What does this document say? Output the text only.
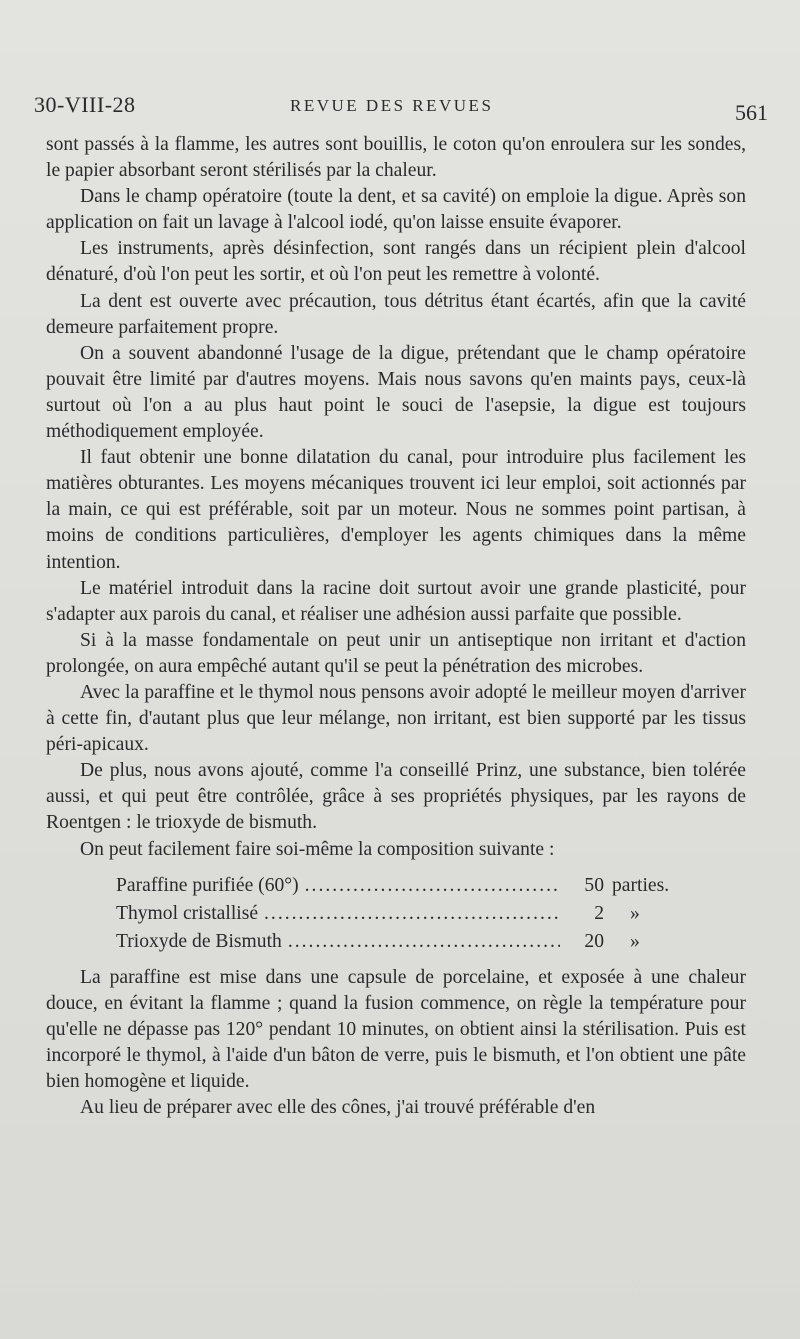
30-VIII-28	REVUE DES REVUES	561

sont passés à la flamme, les autres sont bouillis, le coton qu'on enroulera sur les sondes, le papier absorbant seront stérilisés par la chaleur.

Dans le champ opératoire (toute la dent, et sa cavité) on emploie la digue. Après son application on fait un lavage à l'alcool iodé, qu'on laisse ensuite évaporer.

Les instruments, après désinfection, sont rangés dans un récipient plein d'alcool dénaturé, d'où l'on peut les sortir, et où l'on peut les remettre à volonté.

La dent est ouverte avec précaution, tous détritus étant écartés, afin que la cavité demeure parfaitement propre.

On a souvent abandonné l'usage de la digue, prétendant que le champ opératoire pouvait être limité par d'autres moyens. Mais nous savons qu'en maints pays, ceux-là surtout où l'on a au plus haut point le souci de l'asepsie, la digue est toujours méthodiquement employée.

Il faut obtenir une bonne dilatation du canal, pour introduire plus facilement les matières obturantes. Les moyens mécaniques trouvent ici leur emploi, soit actionnés par la main, ce qui est préférable, soit par un moteur. Nous ne sommes point partisan, à moins de conditions particulières, d'employer les agents chimiques dans la même intention.

Le matériel introduit dans la racine doit surtout avoir une grande plasticité, pour s'adapter aux parois du canal, et réaliser une adhésion aussi parfaite que possible.

Si à la masse fondamentale on peut unir un antiseptique non irritant et d'action prolongée, on aura empêché autant qu'il se peut la pénétration des microbes.

Avec la paraffine et le thymol nous pensons avoir adopté le meilleur moyen d'arriver à cette fin, d'autant plus que leur mélange, non irritant, est bien supporté par les tissus péri-apicaux.

De plus, nous avons ajouté, comme l'a conseillé Prinz, une substance, bien tolérée aussi, et qui peut être contrôlée, grâce à ses propriétés physiques, par les rayons de Roentgen : le trioxyde de bismuth.

On peut facilement faire soi-même la composition suivante :

Paraffine purifiée (60°) .....	50 parties.
Thymol cristallisé .....	2	»
Trioxyde de Bismuth .....	20	»

La paraffine est mise dans une capsule de porcelaine, et exposée à une chaleur douce, en évitant la flamme ; quand la fusion commence, on règle la température pour qu'elle ne dépasse pas 120° pendant 10 minutes, on obtient ainsi la stérilisation. Puis est incorporé le thymol, à l'aide d'un bâton de verre, puis le bismuth, et l'on obtient une pâte bien homogène et liquide.

Au lieu de préparer avec elle des cônes, j'ai trouvé préférable d'en
